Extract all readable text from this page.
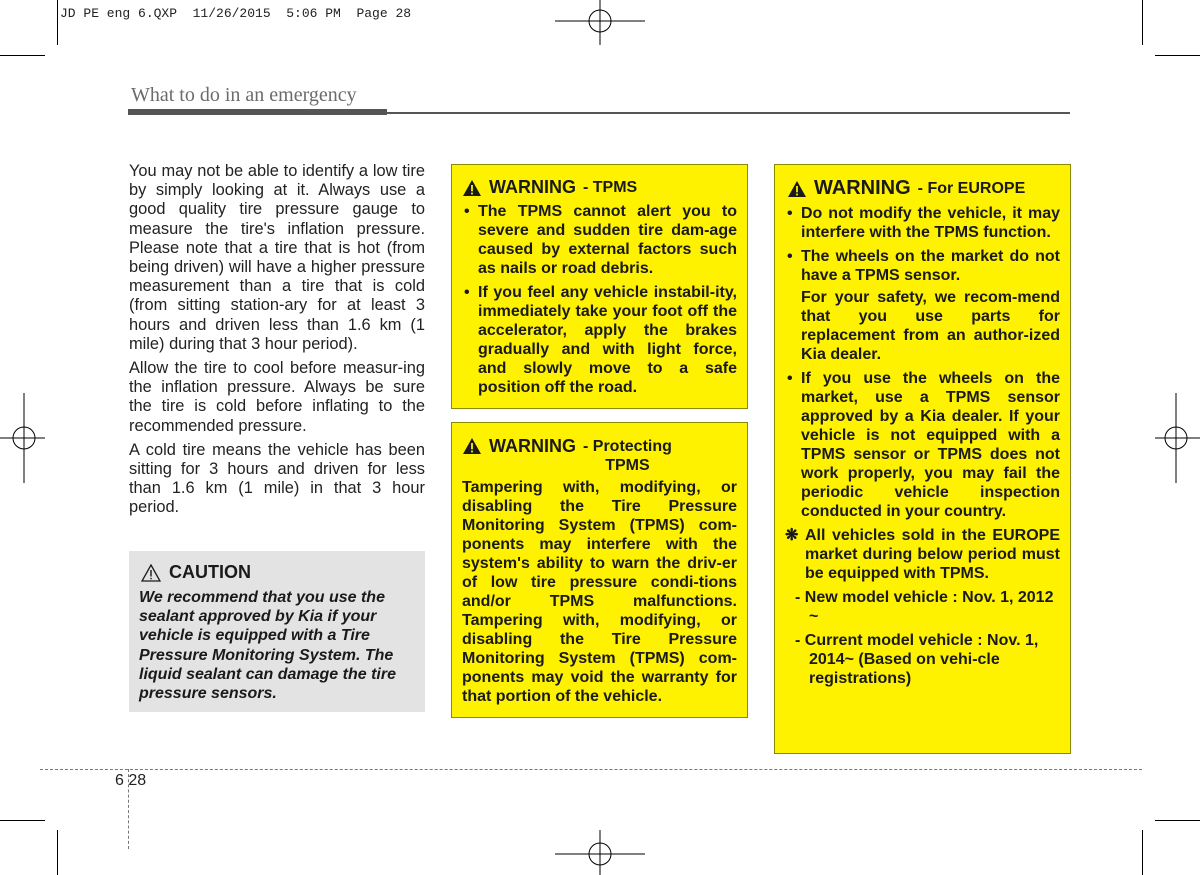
JD PE eng 6.QXP  11/26/2015  5:06 PM  Page 28
What to do in an emergency

You may not be able to identify a low tire by simply looking at it. Always use a good quality tire pressure gauge to measure the tire's inflation pressure. Please note that a tire that is hot (from being driven) will have a higher pressure measurement than a tire that is cold (from sitting station-ary for at least 3 hours and driven less than 1.6 km (1 mile) during that 3 hour period).

Allow the tire to cool before measur-ing the inflation pressure. Always be sure the tire is cold before inflating to the recommended pressure.

A cold tire means the vehicle has been sitting for 3 hours and driven for less than 1.6 km (1 mile) in that 3 hour period.

CAUTION
We recommend that you use the sealant approved by Kia if your vehicle is equipped with a Tire Pressure Monitoring System. The liquid sealant can damage the tire pressure sensors.
WARNING - TPMS
• The TPMS cannot alert you to severe and sudden tire dam-age caused by external factors such as nails or road debris.
• If you feel any vehicle instabil-ity, immediately take your foot off the accelerator, apply the brakes gradually and with light force, and slowly move to a safe position off the road.
WARNING - Protecting
TPMS
Tampering with, modifying, or disabling the Tire Pressure Monitoring System (TPMS) com-ponents may interfere with the system's ability to warn the driv-er of low tire pressure condi-tions and/or TPMS malfunctions. Tampering with, modifying, or disabling the Tire Pressure Monitoring System (TPMS) com-ponents may void the warranty for that portion of the vehicle.
WARNING - For EUROPE
• Do not modify the vehicle, it may interfere with the TPMS function.
• The wheels on the market do not have a TPMS sensor.
For your safety, we recom-mend that you use parts for replacement from an author-ized Kia dealer.
• If you use the wheels on the market, use a TPMS sensor approved by a Kia dealer. If your vehicle is not equipped with a TPMS sensor or TPMS does not work properly, you may fail the periodic vehicle inspection conducted in your country.
❋ All vehicles sold in the EUROPE market during below period must be equipped with TPMS.
- New model vehicle : Nov. 1, 2012 ~
- Current model vehicle : Nov. 1, 2014~ (Based on vehi-cle registrations)
6 28
